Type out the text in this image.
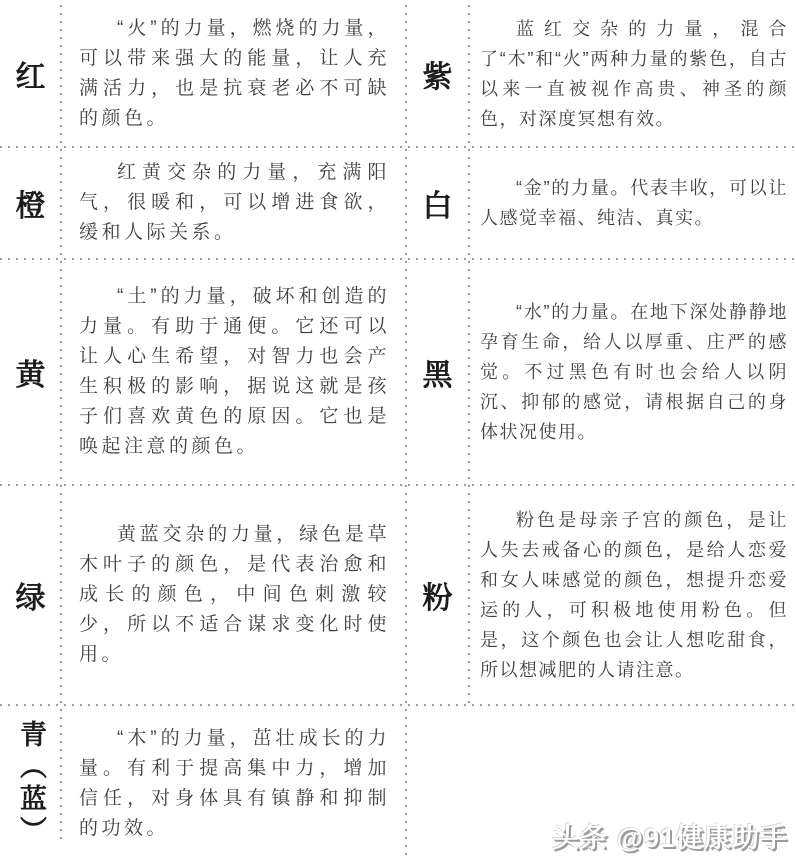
红
橙
黄
绿
青（蓝）

“火”的力量，燃烧的力量，可以带来强大的能量，让人充满活力，也是抗衰老必不可缺的颜色。

红黄交杂的力量，充满阳气，很暖和，可以增进食欲，缓和人际关系。

“土”的力量，破坏和创造的力量。有助于通便。它还可以让人心生希望，对智力也会产生积极的影响，据说这就是孩子们喜欢黄色的原因。它也是唤起注意的颜色。

黄蓝交杂的力量，绿色是草木叶子的颜色，是代表治愈和成长的颜色，中间色刺激较少，所以不适合谋求变化时使用。

“木”的力量，茁壮成长的力量。有利于提高集中力，增加信任，对身体具有镇静和抑制的功效。

紫
白
黑
粉

蓝红交杂的力量，混合了“木”和“火”两种力量的紫色，自古以来一直被视作高贵、神圣的颜色，对深度冥想有效。

“金”的力量。代表丰收，可以让人感觉幸福、纯洁、真实。

“水”的力量。在地下深处静静地孕育生命，给人以厚重、庄严的感觉。不过黑色有时也会给人以阴沉、抑郁的感觉，请根据自己的身体状况使用。

粉色是母亲子宫的颜色，是让人失去戒备心的颜色，是给人恋爱和女人味感觉的颜色，想提升恋爱运的人，可积极地使用粉色。但是，这个颜色也会让人想吃甜食，所以想减肥的人请注意。

头条 @91健康助手
